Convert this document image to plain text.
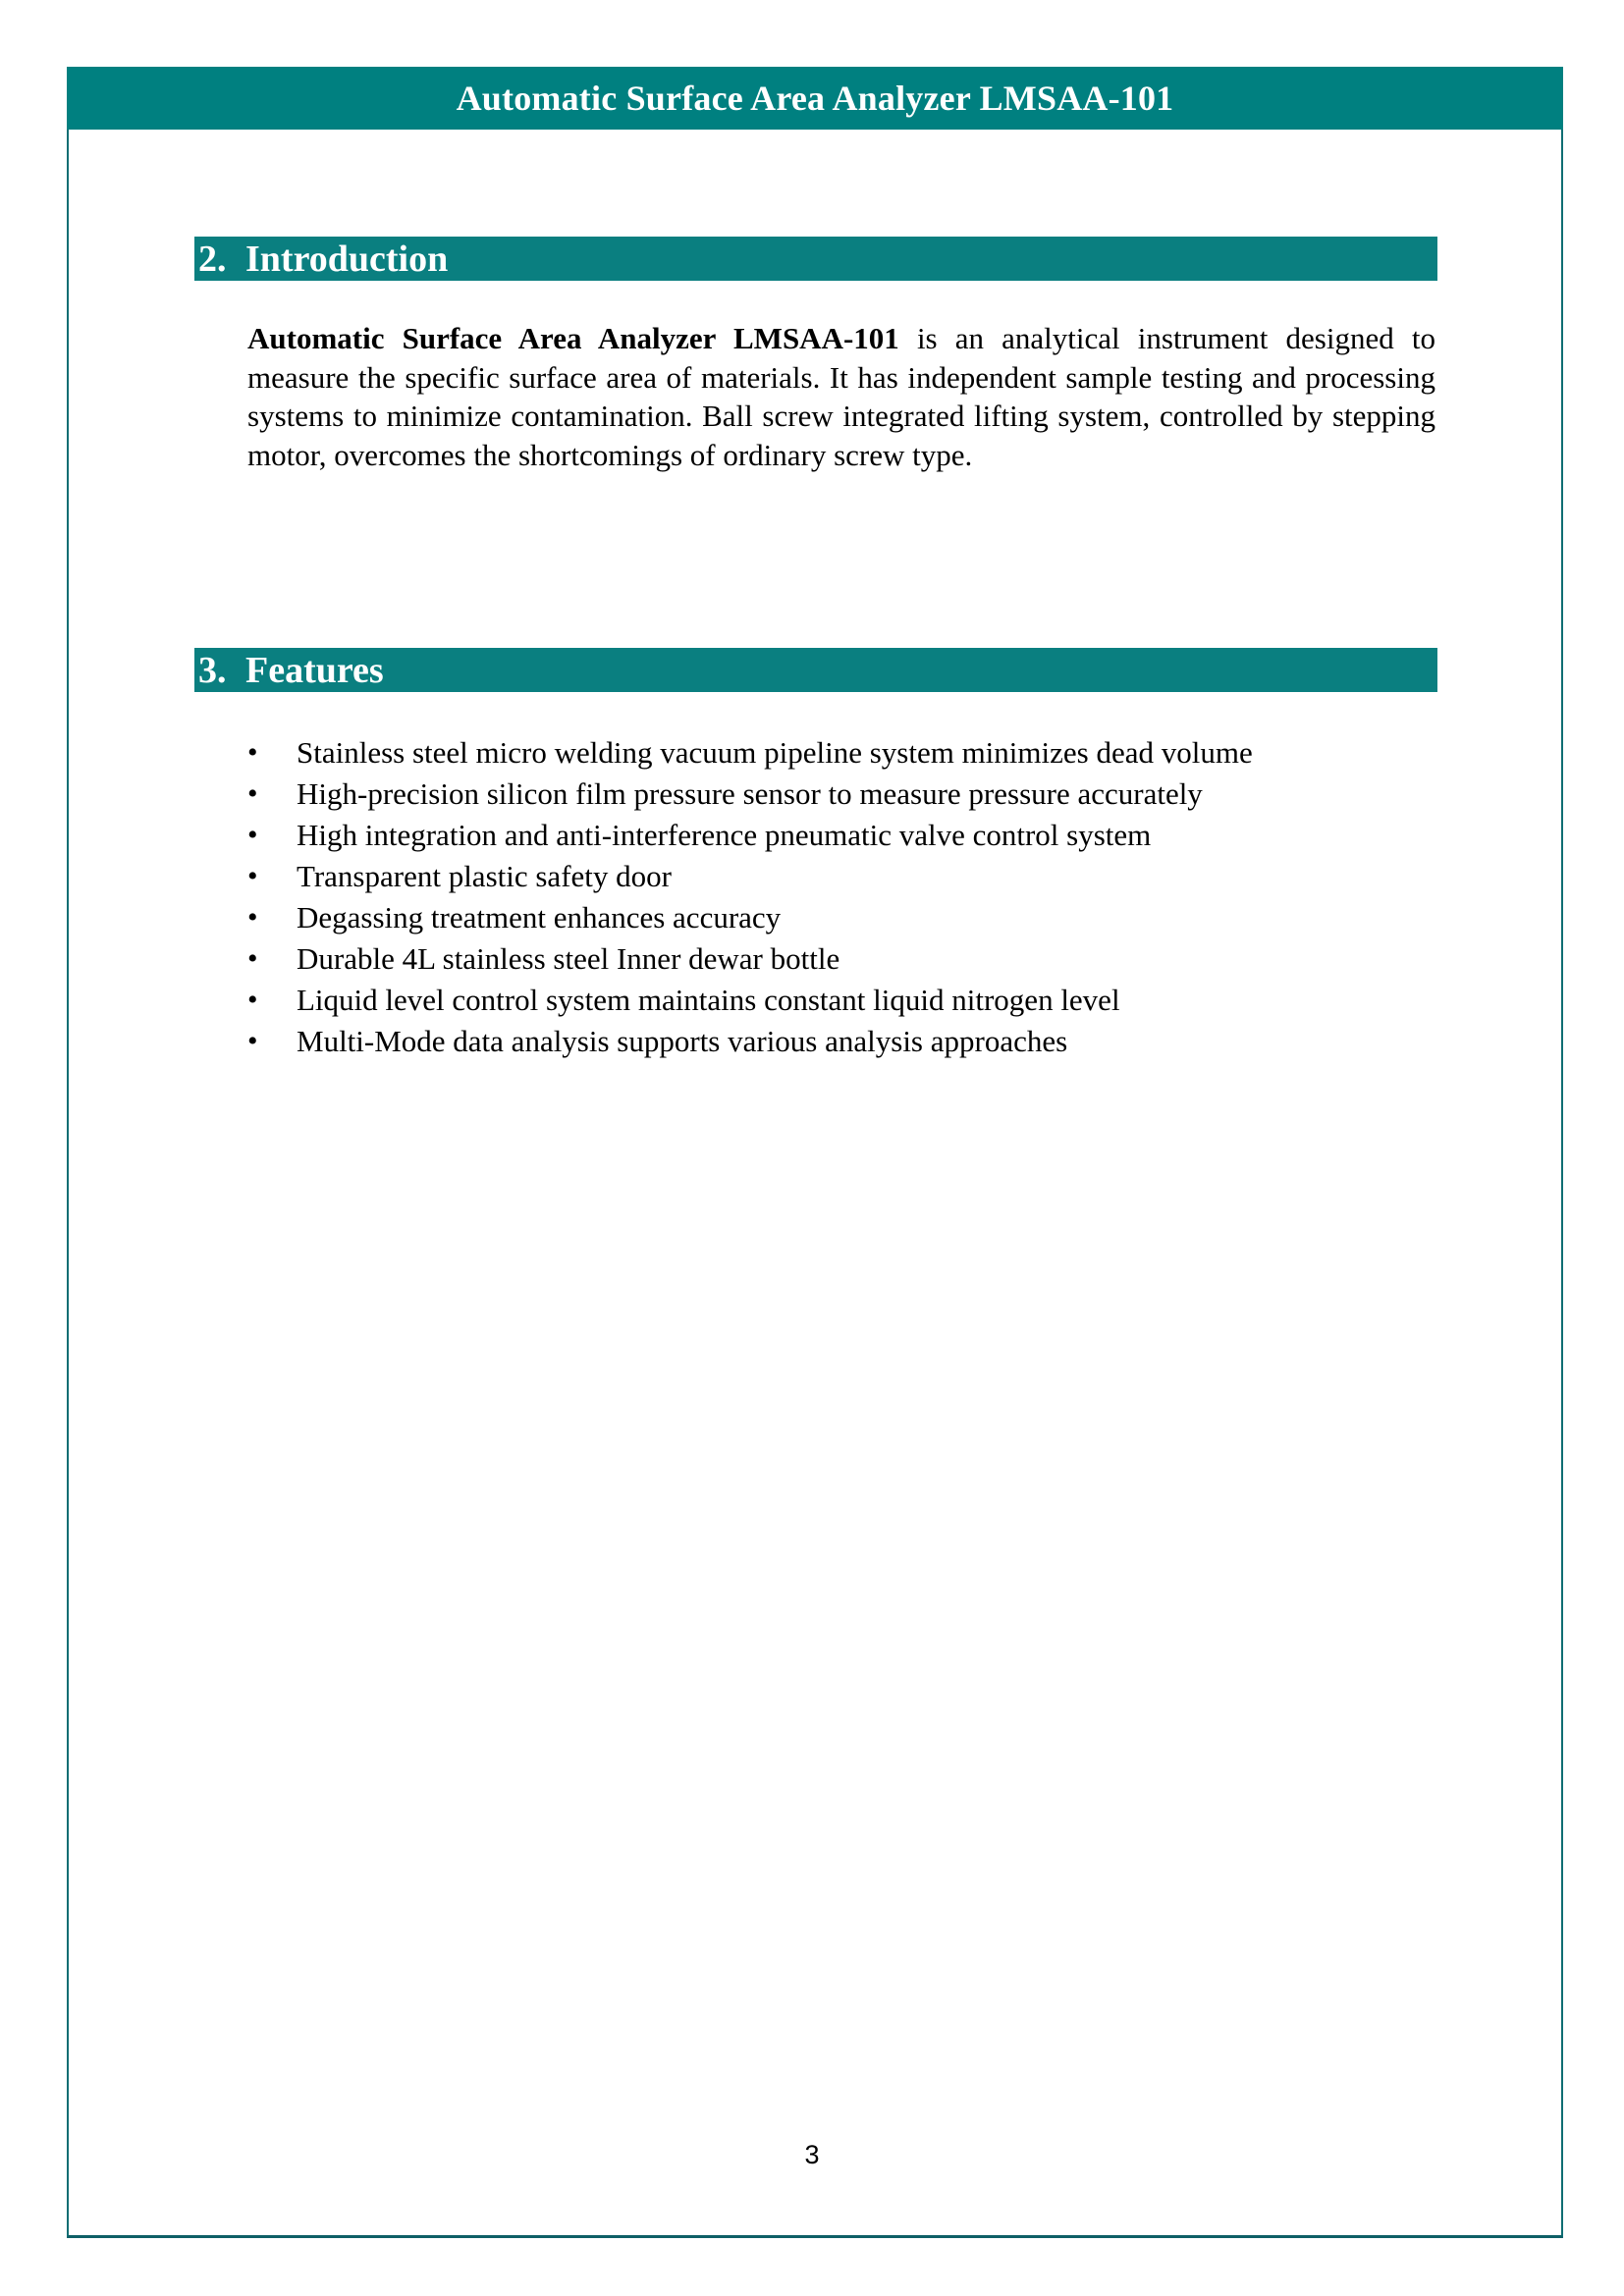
Automatic Surface Area Analyzer LMSAA-101
2. Introduction

Automatic Surface Area Analyzer LMSAA-101 is an analytical instrument designed to measure the specific surface area of materials. It has independent sample testing and processing systems to minimize contamination. Ball screw integrated lifting system, controlled by stepping motor, overcomes the shortcomings of ordinary screw type.

3. Features
•	Stainless steel micro welding vacuum pipeline system minimizes dead volume
•	High-precision silicon film pressure sensor to measure pressure accurately
•	High integration and anti-interference pneumatic valve control system
•	Transparent plastic safety door
•	Degassing treatment enhances accuracy
•	Durable 4L stainless steel Inner dewar bottle
•	Liquid level control system maintains constant liquid nitrogen level
•	Multi-Mode data analysis supports various analysis approaches
3
